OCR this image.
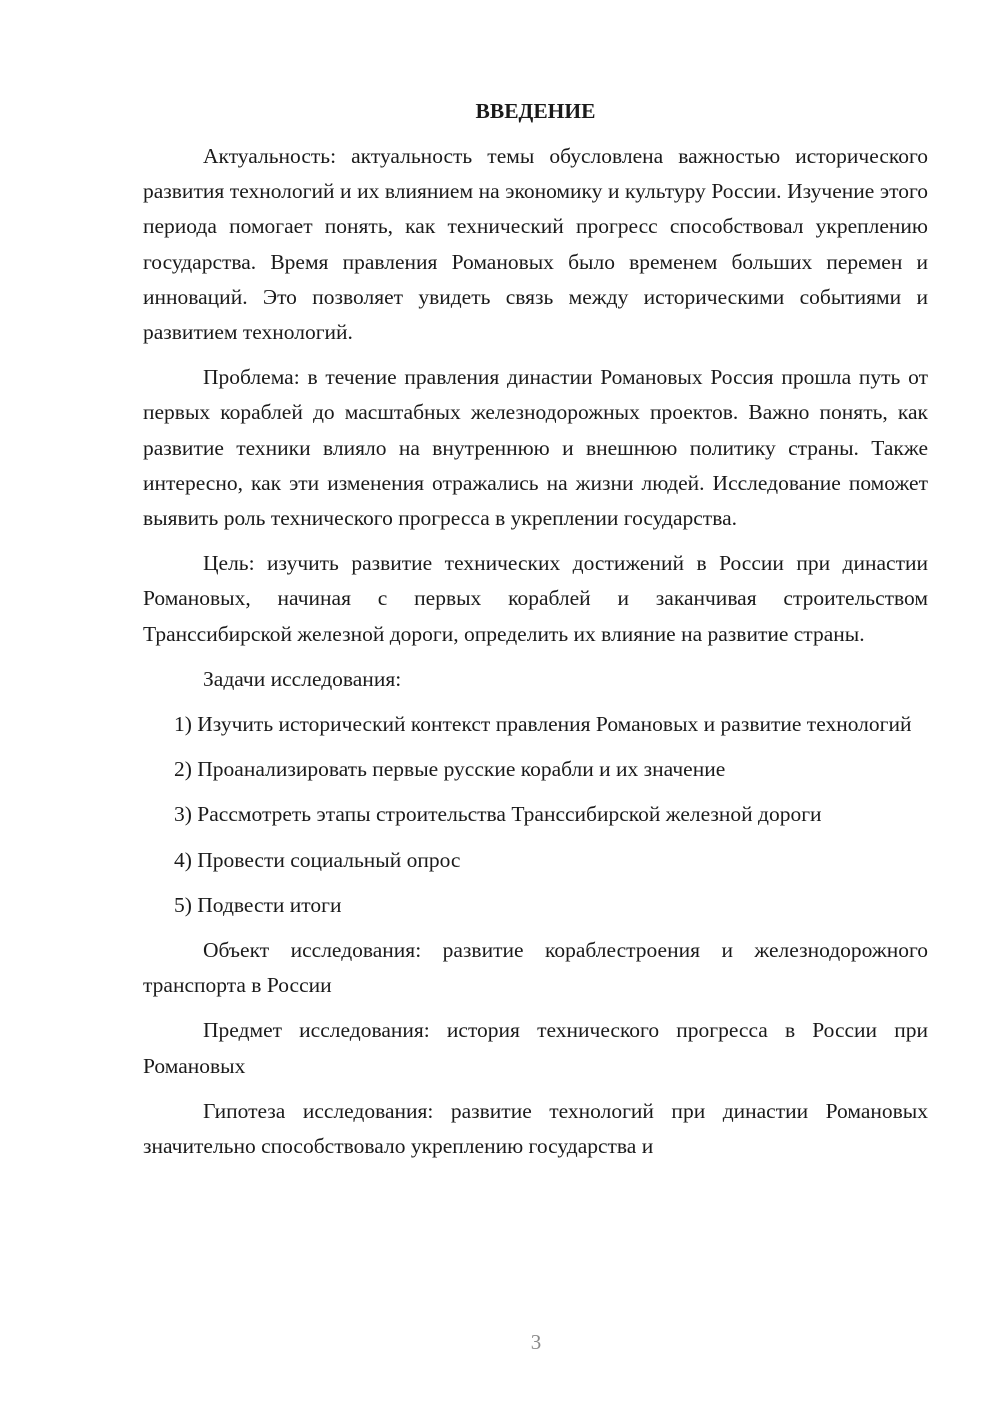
ВВЕДЕНИЕ

Актуальность: актуальность темы обусловлена важностью исторического развития технологий и их влиянием на экономику и культуру России. Изучение этого периода помогает понять, как технический прогресс способствовал укреплению государства. Время правления Романовых было временем больших перемен и инноваций. Это позволяет увидеть связь между историческими событиями и развитием технологий.

Проблема: в течение правления династии Романовых Россия прошла путь от первых кораблей до масштабных железнодорожных проектов. Важно понять, как развитие техники влияло на внутреннюю и внешнюю политику страны. Также интересно, как эти изменения отражались на жизни людей. Исследование поможет выявить роль технического прогресса в укреплении государства.

Цель: изучить развитие технических достижений в России при династии Романовых, начиная с первых кораблей и заканчивая строительством Транссибирской железной дороги, определить их влияние на развитие страны.

Задачи исследования:

1) Изучить исторический контекст правления Романовых и развитие технологий

2) Проанализировать первые русские корабли и их значение

3) Рассмотреть этапы строительства Транссибирской железной дороги

4) Провести социальный опрос

5) Подвести итоги

Объект исследования: развитие кораблестроения и железнодорожного транспорта в России

Предмет исследования: история технического прогресса в России при Романовых

Гипотеза исследования: развитие технологий при династии Романовых значительно способствовало укреплению государства и

3
